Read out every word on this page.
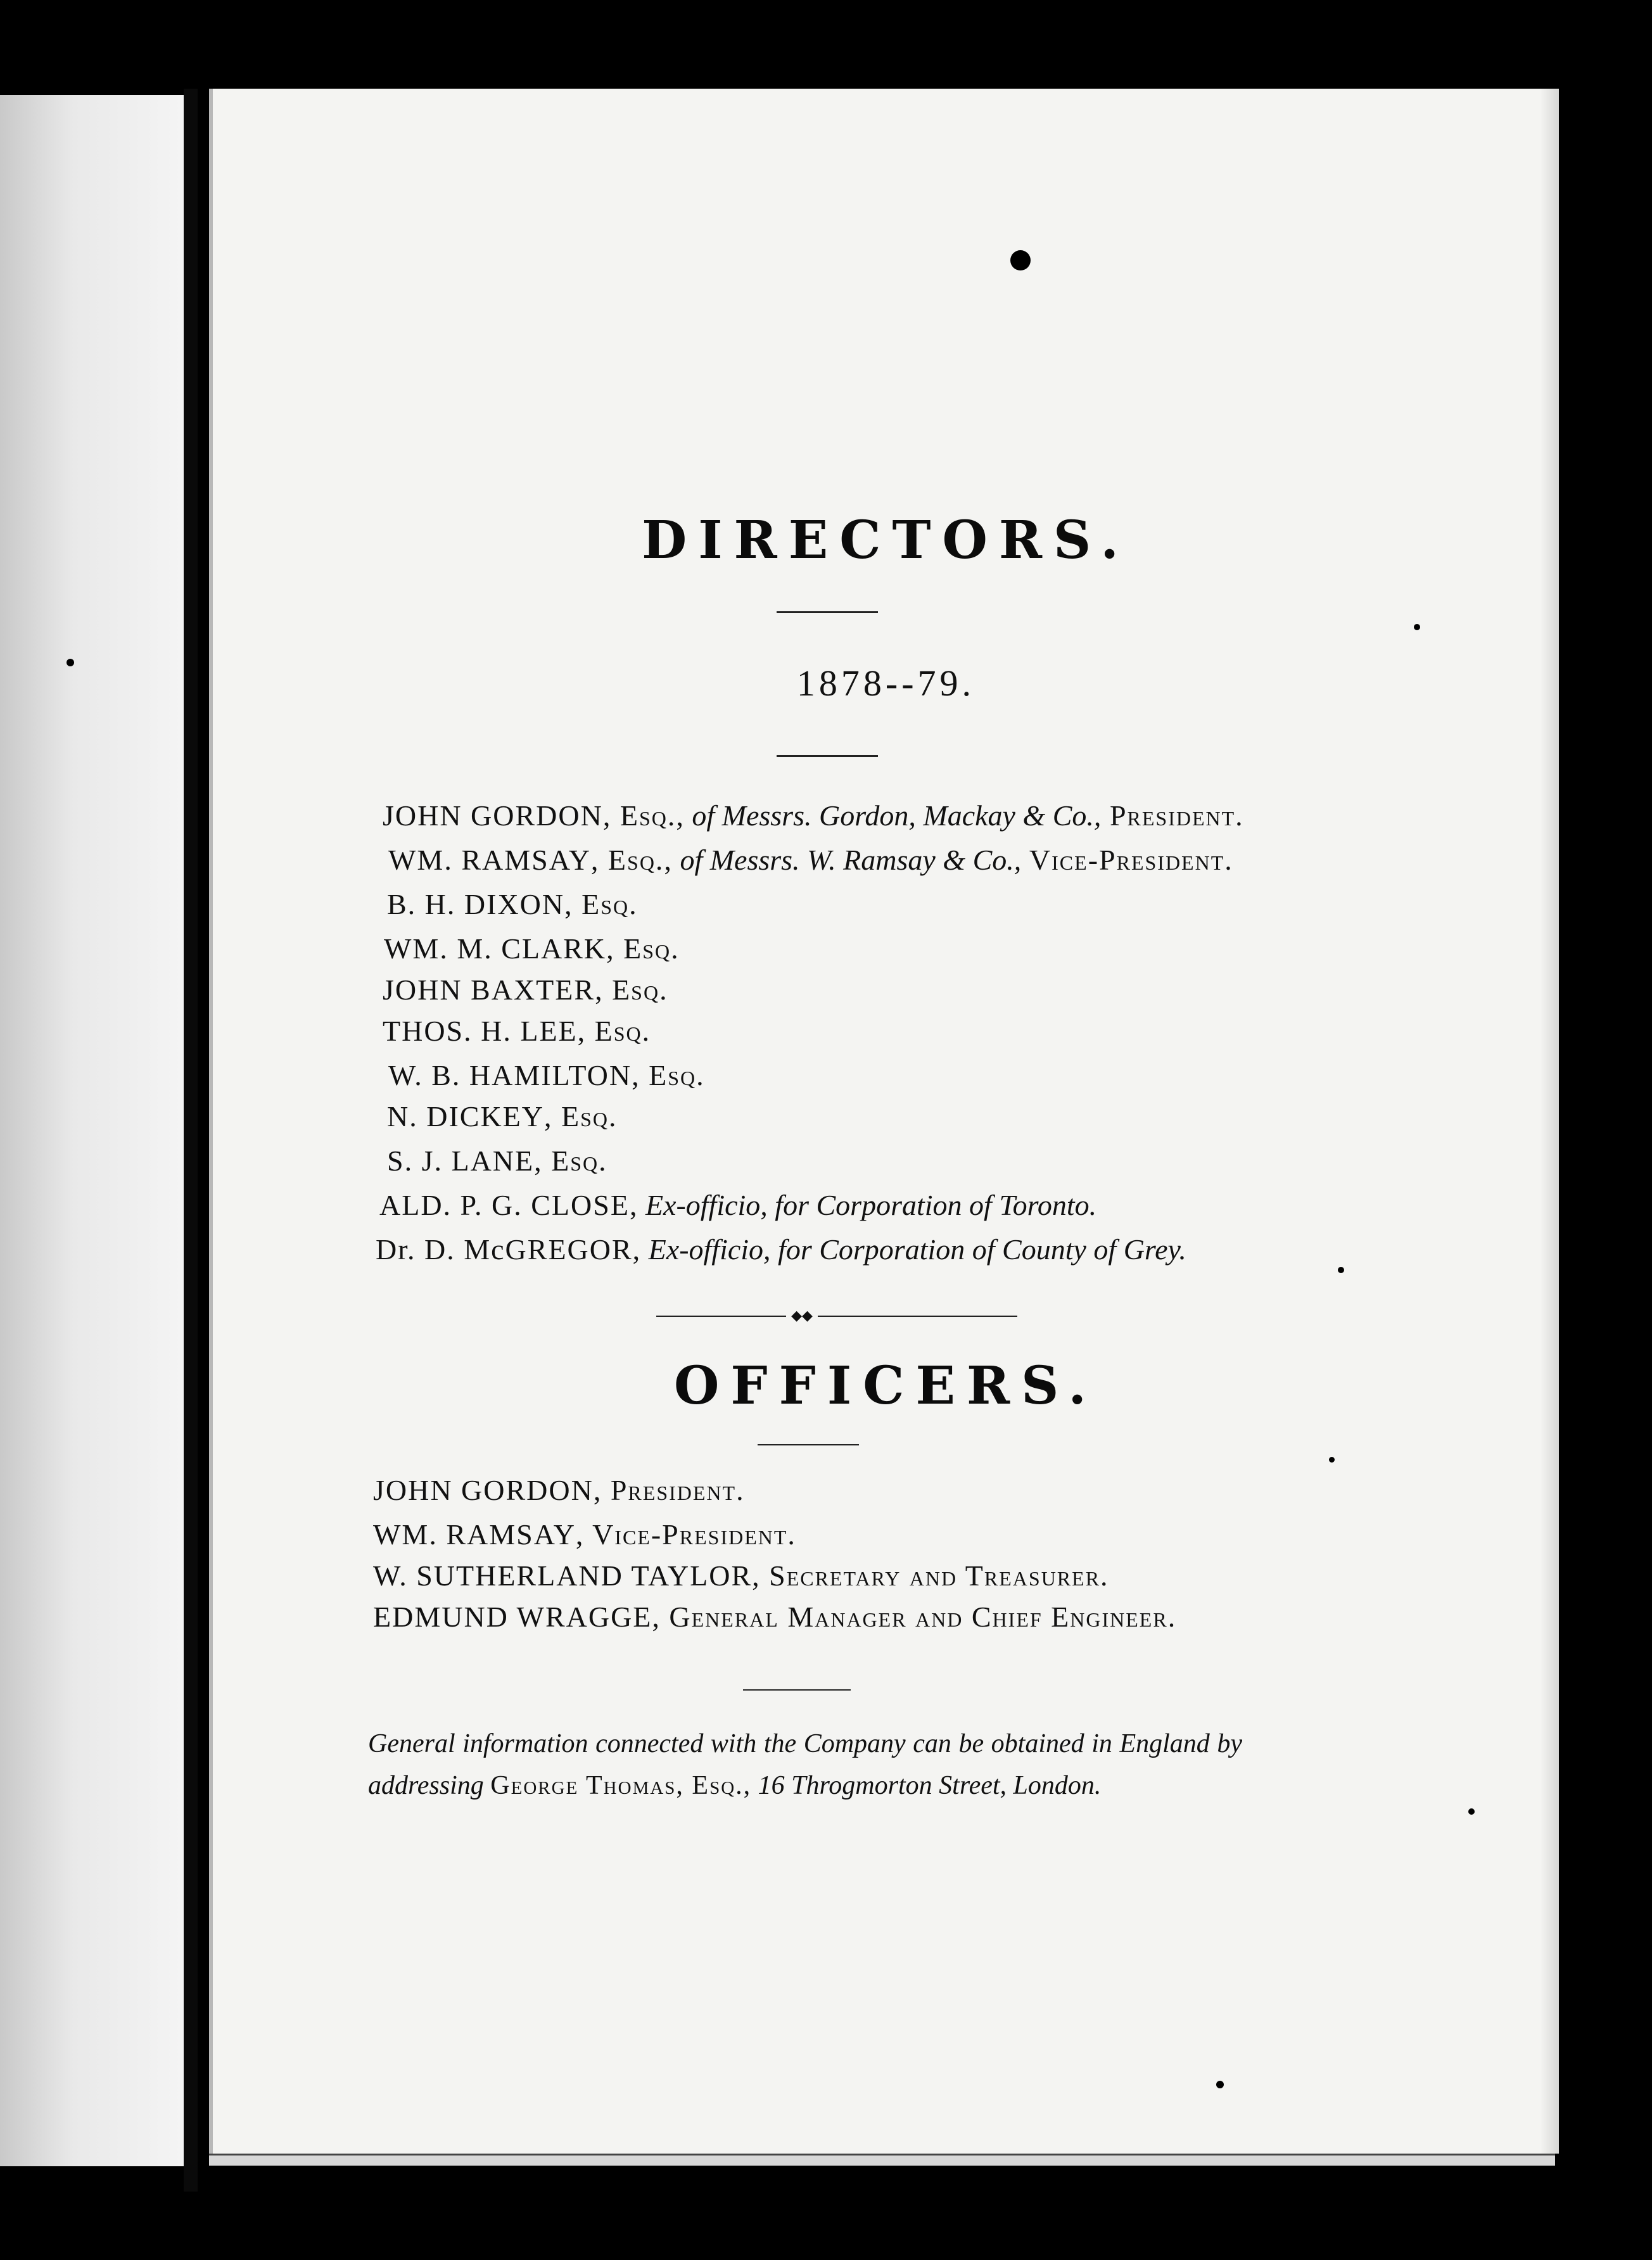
DIRECTORS.
1878--79.
JOHN GORDON, Esq., of Messrs. Gordon, Mackay & Co., President.
WM. RAMSAY, Esq., of Messrs. W. Ramsay & Co., Vice-President.
B. H. DIXON, Esq.
WM. M. CLARK, Esq.
JOHN BAXTER, Esq.
THOS. H. LEE, Esq.
W. B. HAMILTON, Esq.
N. DICKEY, Esq.
S. J. LANE, Esq.
ALD. P. G. CLOSE, Ex-officio, for Corporation of Toronto.
Dr. D. McGREGOR, Ex-officio, for Corporation of County of Grey.
◆◆
OFFICERS.
JOHN GORDON, President.
WM. RAMSAY, Vice-President.
W. SUTHERLAND TAYLOR, Secretary and Treasurer.
EDMUND WRAGGE, General Manager and Chief Engineer.
General information connected with the Company can be obtained in England by addressing George Thomas, Esq., 16 Throgmorton Street, London.
